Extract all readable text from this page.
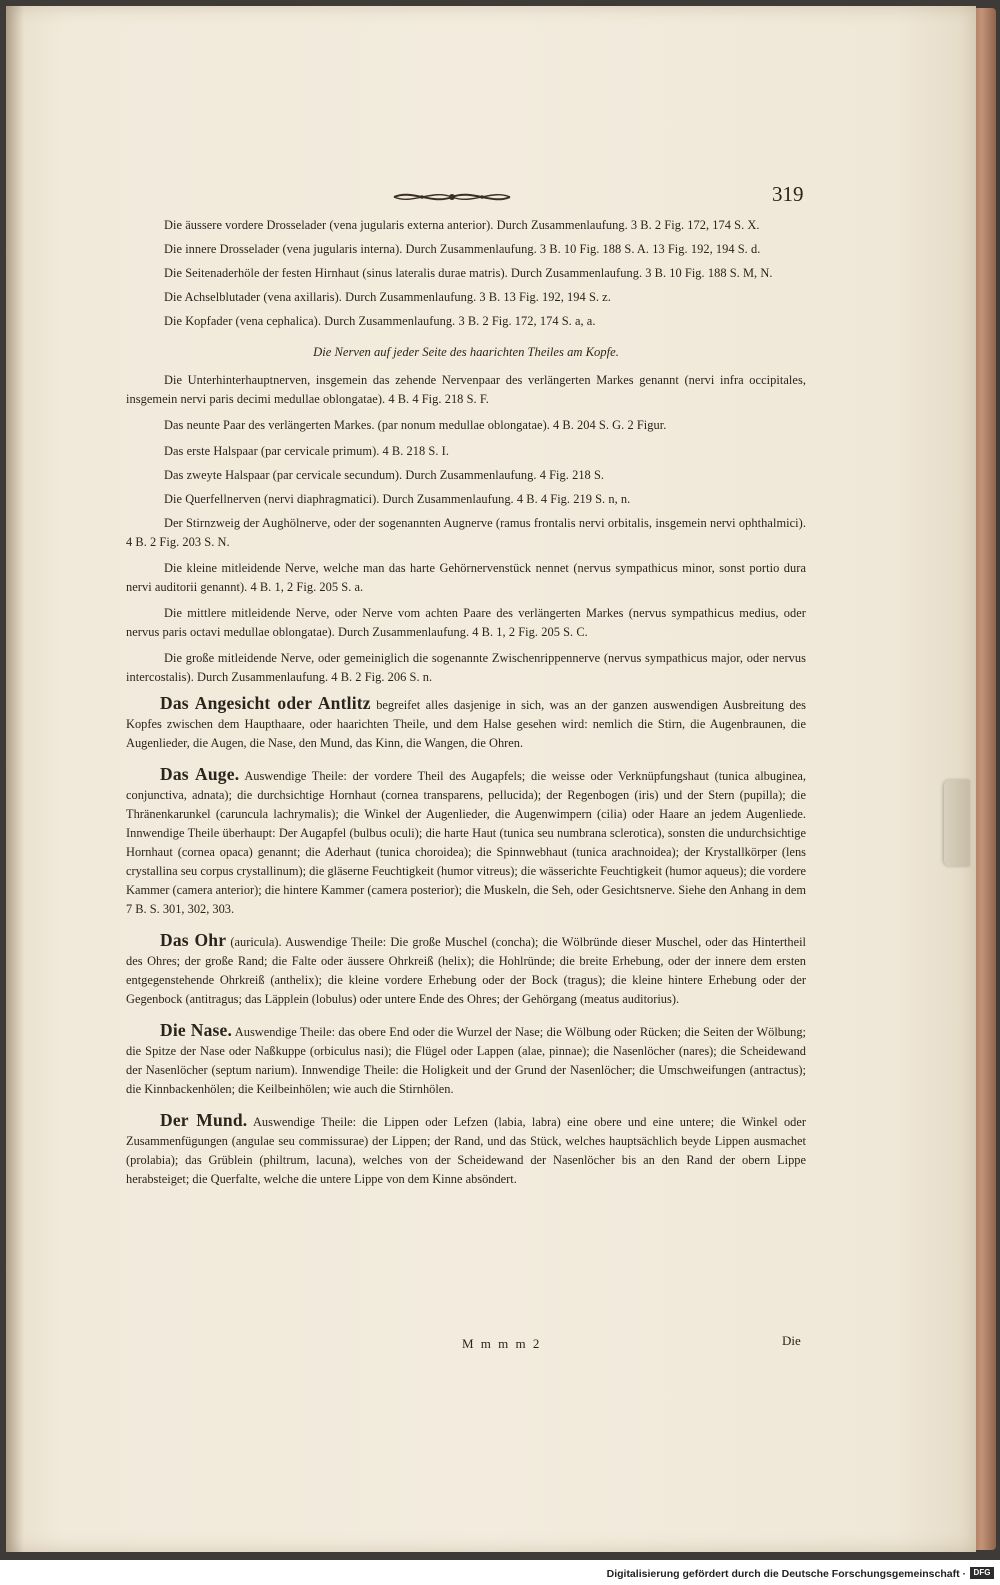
319

Die äussere vordere Drosselader (vena jugularis externa anterior). Durch Zusammenlaufung. 3 B. 2 Fig. 172, 174 S. X.

Die innere Drosselader (vena jugularis interna). Durch Zusammenlaufung. 3 B. 10 Fig. 188 S. A. 13 Fig. 192, 194 S. d.

Die Seitenaderhöle der festen Hirnhaut (sinus lateralis durae matris). Durch Zusammenlaufung. 3 B. 10 Fig. 188 S. M, N.

Die Achselblutader (vena axillaris). Durch Zusammenlaufung. 3 B. 13 Fig. 192, 194 S. z.

Die Kopfader (vena cephalica). Durch Zusammenlaufung. 3 B. 2 Fig. 172, 174 S. a, a.

Die Nerven auf jeder Seite des haarichten Theiles am Kopfe.

Die Unterhinterhauptnerven, insgemein das zehende Nervenpaar des verlängerten Markes genannt (nervi infra occipitales, insgemein nervi paris decimi medullae oblongatae). 4 B. 4 Fig. 218 S. F.

Das neunte Paar des verlängerten Markes. (par nonum medullae oblongatae). 4 B. 204 S. G. 2 Figur.

Das erste Halspaar (par cervicale primum). 4 B. 218 S. I.

Das zweyte Halspaar (par cervicale secundum). Durch Zusammenlaufung. 4 Fig. 218 S.

Die Querfellnerven (nervi diaphragmatici). Durch Zusammenlaufung. 4 B. 4 Fig. 219 S. n, n.

Der Stirnzweig der Aughölnerve, oder der sogenannten Augnerve (ramus frontalis nervi orbitalis, insgemein nervi ophthalmici). 4 B. 2 Fig. 203 S. N.

Die kleine mitleidende Nerve, welche man das harte Gehörnervenstück nennet (nervus sympathicus minor, sonst portio dura nervi auditorii genannt). 4 B. 1, 2 Fig. 205 S. a.

Die mittlere mitleidende Nerve, oder Nerve vom achten Paare des verlängerten Markes (nervus sympathicus medius, oder nervus paris octavi medullae oblongatae). Durch Zusammenlaufung. 4 B. 1, 2 Fig. 205 S. C.

Die große mitleidende Nerve, oder gemeiniglich die sogenannte Zwischenrippennerve (nervus sympathicus major, oder nervus intercostalis). Durch Zusammenlaufung. 4 B. 2 Fig. 206 S. n.

Das Angesicht oder Antlitz begreifet alles dasjenige in sich, was an der ganzen auswendigen Ausbreitung des Kopfes zwischen dem Haupthaare, oder haarichten Theile, und dem Halse gesehen wird: nemlich die Stirn, die Augenbraunen, die Augenlieder, die Augen, die Nase, den Mund, das Kinn, die Wangen, die Ohren.

Das Auge. Auswendige Theile: der vordere Theil des Augapfels; die weisse oder Verknüpfungshaut (tunica albuginea, conjunctiva, adnata); die durchsichtige Hornhaut (cornea transparens, pellucida); der Regenbogen (iris) und der Stern (pupilla); die Thränenkarunkel (caruncula lachrymalis); die Winkel der Augenlieder, die Augenwimpern (cilia) oder Haare an jedem Augenliede. Innwendige Theile überhaupt: Der Augapfel (bulbus oculi); die harte Haut (tunica seu numbrana sclerotica), sonsten die undurchsichtige Hornhaut (cornea opaca) genannt; die Aderhaut (tunica choroidea); die Spinnwebhaut (tunica arachnoidea); der Krystallkörper (lens crystallina seu corpus crystallinum); die gläserne Feuchtigkeit (humor vitreus); die wässerichte Feuchtigkeit (humor aqueus); die vordere Kammer (camera anterior); die hintere Kammer (camera posterior); die Muskeln, die Seh, oder Gesichtsnerve. Siehe den Anhang in dem 7 B. S. 301, 302, 303.

Das Ohr (auricula). Auswendige Theile: Die große Muschel (concha); die Wölbründe dieser Muschel, oder das Hintertheil des Ohres; der große Rand; die Falte oder äussere Ohrkreiß (helix); die Hohlründe; die breite Erhebung, oder der innere dem ersten entgegenstehende Ohrkreiß (anthelix); die kleine vordere Erhebung oder der Bock (tragus); die kleine hintere Erhebung oder der Gegenbock (antitragus; das Läpplein (lobulus) oder untere Ende des Ohres; der Gehörgang (meatus auditorius).

Die Nase. Auswendige Theile: das obere End oder die Wurzel der Nase; die Wölbung oder Rücken; die Seiten der Wölbung; die Spitze der Nase oder Naßkuppe (orbiculus nasi); die Flügel oder Lappen (alae, pinnae); die Nasenlöcher (nares); die Scheidewand der Nasenlöcher (septum narium). Innwendige Theile: die Holigkeit und der Grund der Nasenlöcher; die Umschweifungen (antractus); die Kinnbackenhölen; die Keilbeinhölen; wie auch die Stirnhölen.

Der Mund. Auswendige Theile: die Lippen oder Lefzen (labia, labra) eine obere und eine untere; die Winkel oder Zusammenfügungen (angulae seu commissurae) der Lippen; der Rand, und das Stück, welches hauptsächlich beyde Lippen ausmachet (prolabia); das Grüblein (philtrum, lacuna), welches von der Scheidewand der Nasenlöcher bis an den Rand der obern Lippe herabsteiget; die Querfalte, welche die untere Lippe von dem Kinne absöndert.

M m m m 2	Die
Digitalisierung gefördert durch die Deutsche Forschungsgemeinschaft · DFG
